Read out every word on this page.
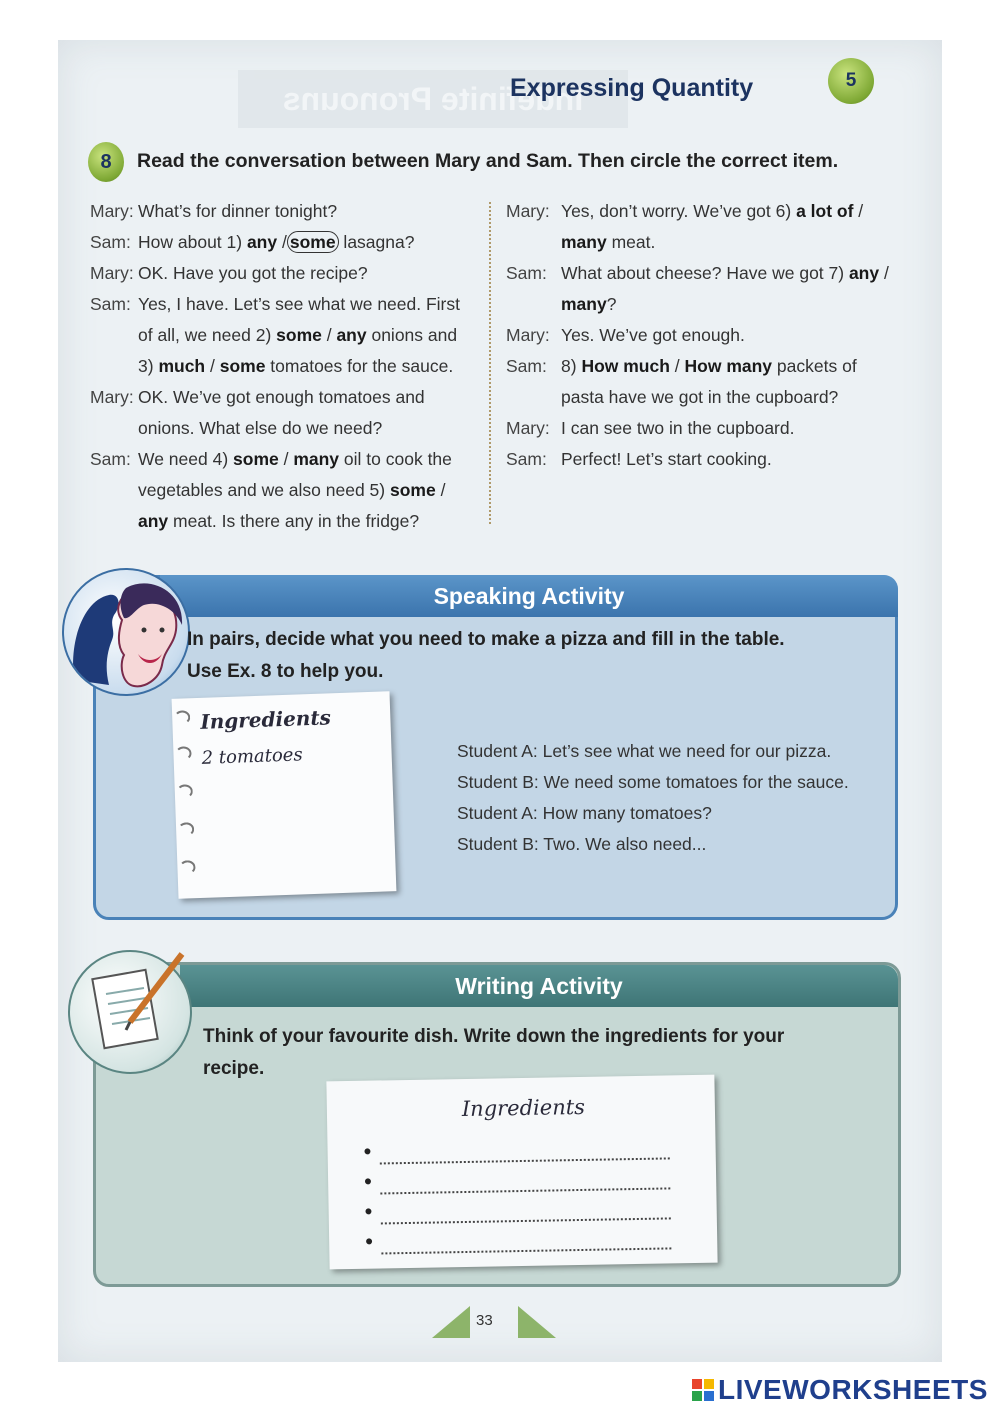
Indefinite Pronouns
Expressing Quantity	5
8	Read the conversation between Mary and Sam. Then circle the correct item.
Mary: What’s for dinner tonight?
Sam: How about 1) any / some lasagna?
Mary: OK. Have you got the recipe?
Sam: Yes, I have. Let’s see what we need. First
of all, we need 2) some / any onions and
3) much / some tomatoes for the sauce.
Mary: OK. We’ve got enough tomatoes and
onions. What else do we need?
Sam: We need 4) some / many oil to cook the
vegetables and we also need 5) some /
any meat. Is there any in the fridge?
Mary: Yes, don’t worry. We’ve got 6) a lot of /
many meat.
Sam: What about cheese? Have we got 7) any /
many?
Mary: Yes. We’ve got enough.
Sam: 8) How much / How many packets of
pasta have we got in the cupboard?
Mary: I can see two in the cupboard.
Sam: Perfect! Let’s start cooking.
Speaking Activity
In pairs, decide what you need to make a pizza and fill in the table.
Use Ex. 8 to help you.
Ingredients
2 tomatoes	Student A: Let’s see what we need for our pizza.
Student B: We need some tomatoes for the sauce.
Student A: How many tomatoes?
Student B: Two. We also need...
Writing Activity
Think of your favourite dish. Write down the ingredients for your
recipe.
Ingredients
•
•
•
•
33
LIVEWORKSHEETS
